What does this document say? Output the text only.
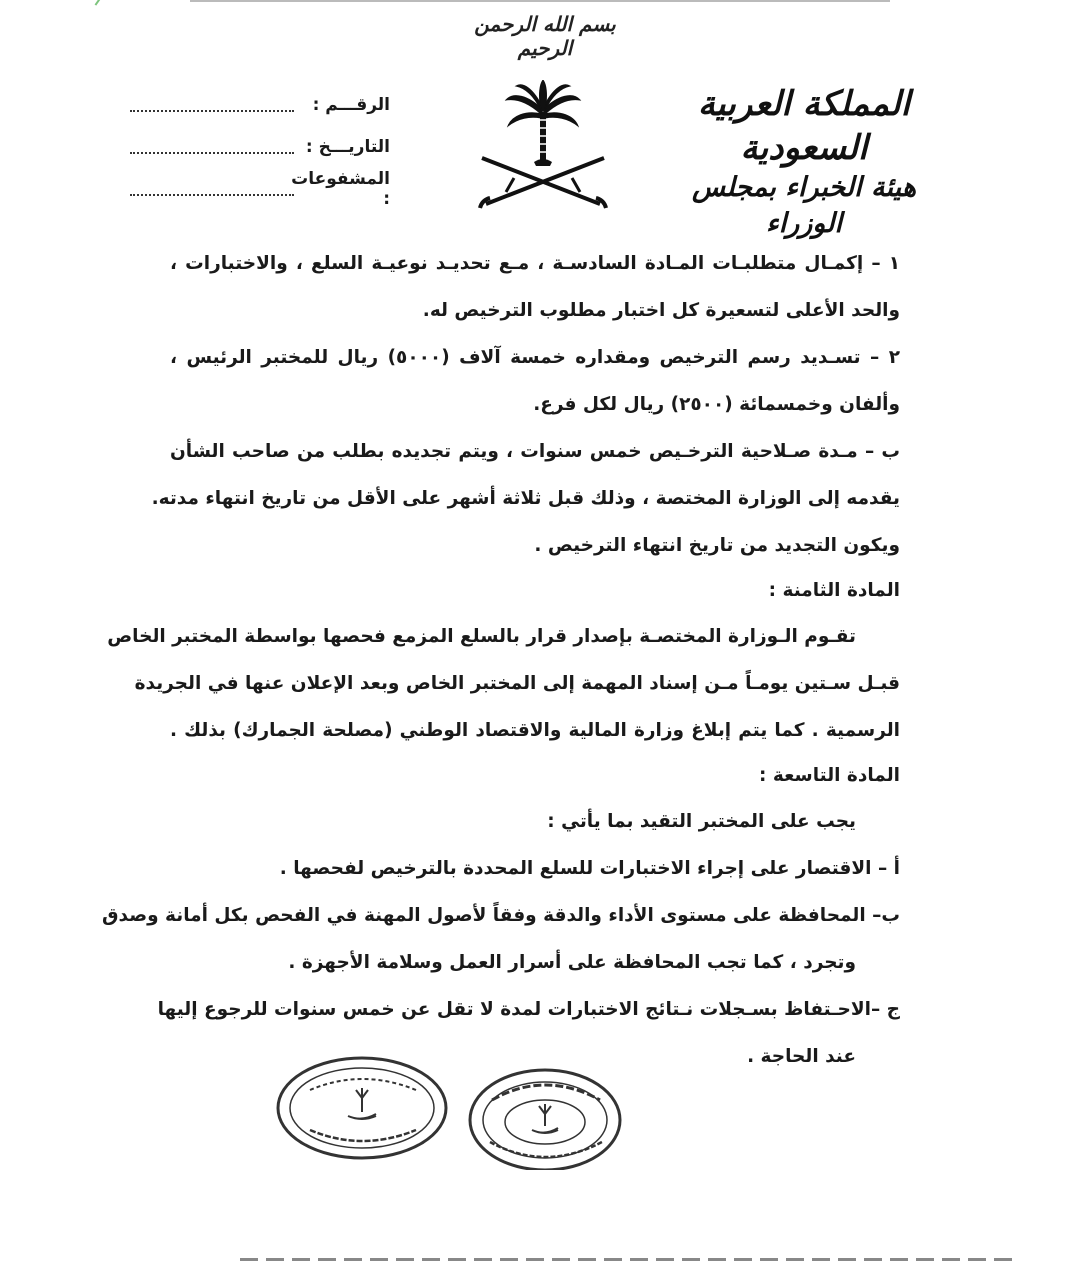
بسم الله الرحمن الرحيم
المملكة العربية السعودية
هيئة الخبراء بمجلس الوزراء
الرقـــم :
التاريـــخ :
المشفوعات :
١ – إكمـال متطلبـات المـادة السادسـة ، مـع تحديـد نوعيـة السلع ، والاختبارات ،
والحد الأعلى لتسعيرة كل اختبار مطلوب الترخيص له.
٢ – تسـديد رسم الترخيص ومقداره خمسة آلاف (٥٠٠٠) ريال للمختبر الرئيس ،
وألفان وخمسمائة (٢٥٠٠) ريال لكل فرع.
ب – مـدة صـلاحية الترخـيص خمس سنوات ، ويتم تجديده بطلب من صاحب الشأن
يقدمه إلى الوزارة المختصة ، وذلك قبل ثلاثة أشهر على الأقل من تاريخ انتهاء مدته.
ويكون التجديد من تاريخ انتهاء الترخيص .
المادة الثامنة :
تقـوم الـوزارة المختصـة بإصدار قرار بالسلع المزمع فحصها بواسطة المختبر الخاص
قبـل سـتين يومـاً مـن إسناد المهمة إلى المختبر الخاص وبعد الإعلان عنها في الجريدة
الرسمية . كما يتم إبلاغ وزارة المالية والاقتصاد الوطني (مصلحة الجمارك) بذلك .
المادة التاسعة :
يجب على المختبر التقيد بما يأتي :
أ – الاقتصار على إجراء الاختبارات للسلع المحددة بالترخيص لفحصها .
ب– المحافظة على مستوى الأداء والدقة وفقاً لأصول المهنة في الفحص بكل أمانة وصدق
وتجرد ، كما تجب المحافظة على أسرار العمل وسلامة الأجهزة .
ج –الاحـتفاظ بسـجلات نـتائج الاختبارات لمدة لا تقل عن خمس سنوات للرجوع إليها
عند الحاجة .
